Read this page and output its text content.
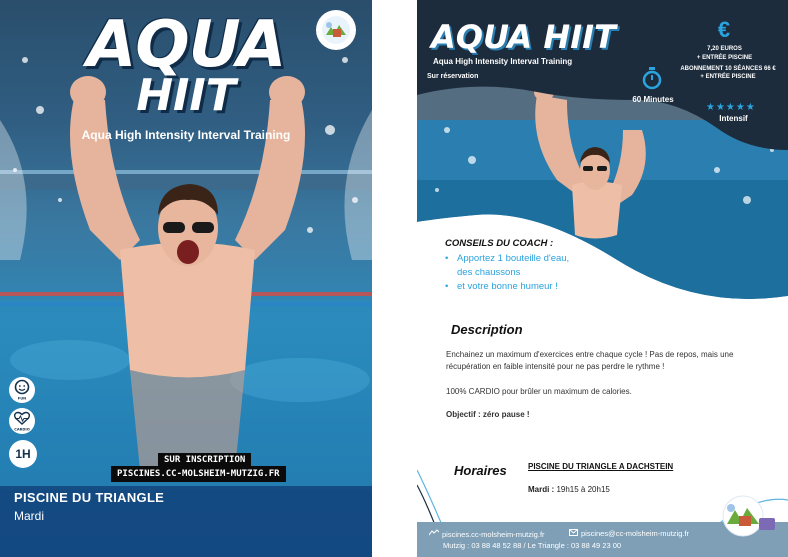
AQUA
HIIT
Aqua High Intensity Interval Training
FUN
CARDIO
1H	SUR INSCRIPTION
PISCINES.CC-MOLSHEIM-MUTZIG.FR
PISCINE DU TRIANGLE
Mardi
AQUA HIIT
Aqua High Intensity Interval Training
Sur réservation
€
7,20 EUROS
+ ENTRÉE PISCINE
ABONNEMENT 10 SÉANCES 66 €
+ ENTRÉE PISCINE
60 Minutes
★★★★★
Intensif
CONSEILS DU COACH :
• Apportez 1 bouteille d'eau,
des chaussons
• et votre bonne humeur !
Description
Enchainez un maximum d'exercices entre chaque cycle ! Pas de repos, mais une récupération en faible intensité pour ne pas perdre le rythme !
100% CARDIO pour brûler un maximum de calories.
Objectif : zéro pause !
Horaires	PISCINE DU TRIANGLE A DACHSTEIN
Mardi : 19h15 à 20h15
piscines.cc-molsheim-mutzig.fr	piscines@cc-molsheim-mutzig.fr
Mutzig : 03 88 48 52 88 / Le Triangle : 03 88 49 23 00
